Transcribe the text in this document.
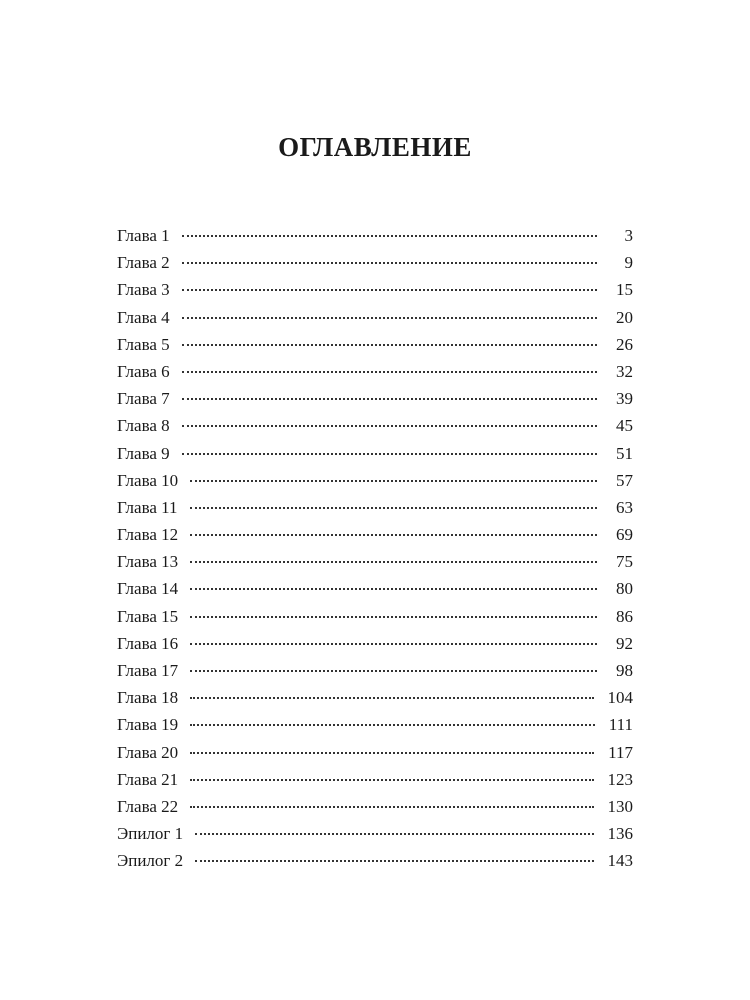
ОГЛАВЛЕНИЕ
Глава 1	3
Глава 2	9
Глава 3	15
Глава 4	20
Глава 5	26
Глава 6	32
Глава 7	39
Глава 8	45
Глава 9	51
Глава 10	57
Глава 11	63
Глава 12	69
Глава 13	75
Глава 14	80
Глава 15	86
Глава 16	92
Глава 17	98
Глава 18	104
Глава 19	111
Глава 20	117
Глава 21	123
Глава 22	130
Эпилог 1	136
Эпилог 2	143
